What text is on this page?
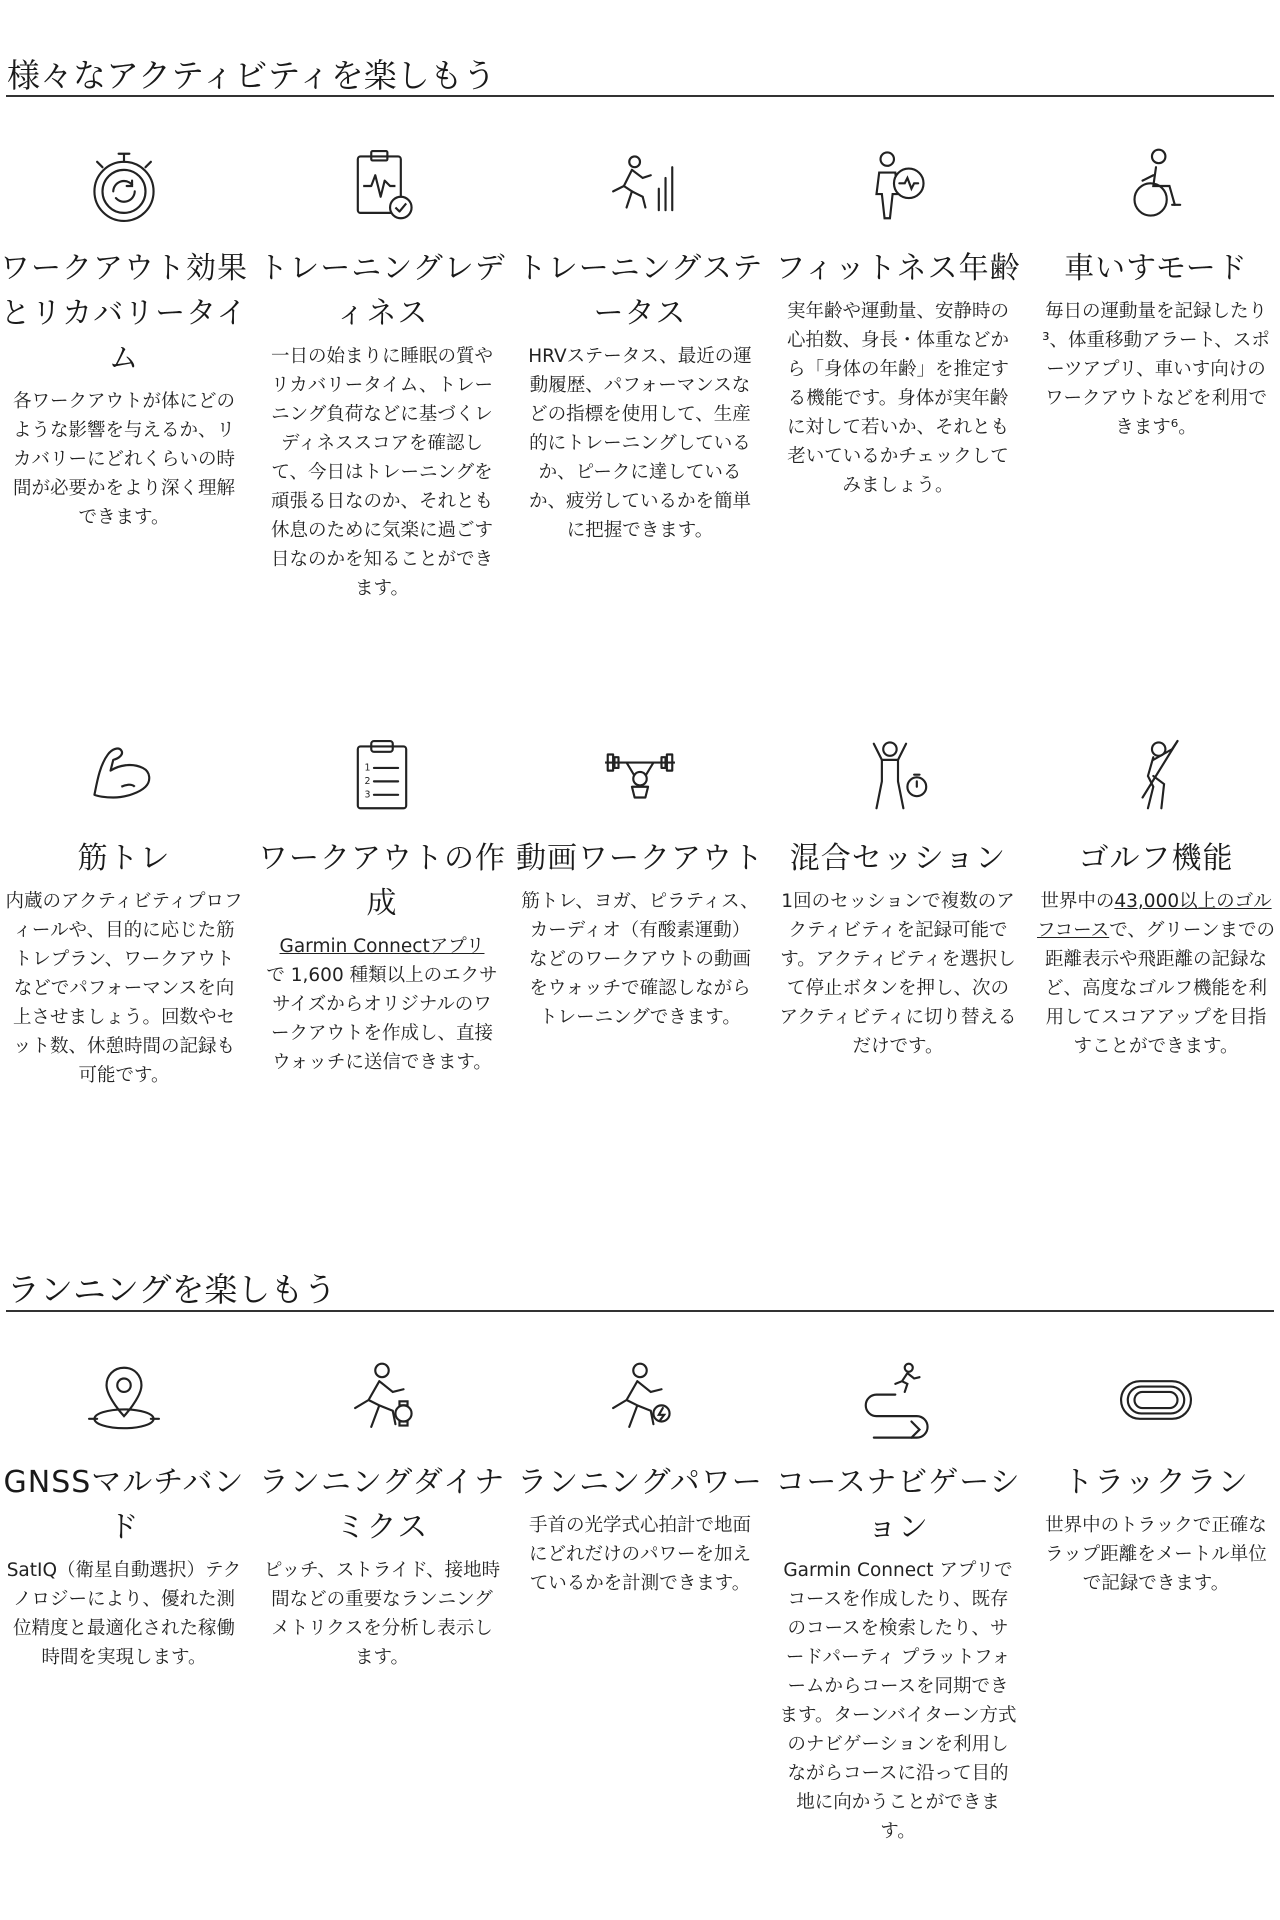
様々なアクティビティを楽しもう
ワークアウト効果とリカバリータイム

各ワークアウトが体にどのような影響を与えるか、リカバリーにどれくらいの時間が必要かをより深く理解できます。

トレーニングレディネス

一日の始まりに睡眠の質やリカバリータイム、トレーニング負荷などに基づくレディネススコアを確認して、今日はトレーニングを頑張る日なのか、それとも休息のために気楽に過ごす日なのかを知ることができます。

トレーニングステータス

HRVステータス、最近の運動履歴、パフォーマンスなどの指標を使用して、生産的にトレーニングしているか、ピークに達しているか、疲労しているかを簡単に把握できます。

フィットネス年齢

実年齢や運動量、安静時の心拍数、身長・体重などから「身体の年齢」を推定する機能です。身体が実年齢に対して若いか、それとも老いているかチェックしてみましょう。

車いすモード

毎日の運動量を記録したり³、体重移動アラート、スポーツアプリ、車いす向けのワークアウトなどを利用できます⁶。

筋トレ

内蔵のアクティビティプロフィールや、目的に応じた筋トレプラン、ワークアウトなどでパフォーマンスを向上させましょう。回数やセット数、休憩時間の記録も可能です。

1
2
3
ワークアウトの作成

Garmin Connectアプリ
で 1,600 種類以上のエクササイズからオリジナルのワークアウトを作成し、直接ウォッチに送信できます。

動画ワークアウト

筋トレ、ヨガ、ピラティス、カーディオ（有酸素運動）などのワークアウトの動画をウォッチで確認しながらトレーニングできます。

混合セッション

1回のセッションで複数のアクティビティを記録可能です。アクティビティを選択して停止ボタンを押し、次のアクティビティに切り替えるだけです。

ゴルフ機能

世界中の43,000以上のゴルフコースで、グリーンまでの距離表示や飛距離の記録など、高度なゴルフ機能を利用してスコアアップを目指すことができます。

ランニングを楽しもう
GNSSマルチバンド

SatIQ（衛星自動選択）テクノロジーにより、優れた測位精度と最適化された稼働時間を実現します。

ランニングダイナミクス

ピッチ、ストライド、接地時間などの重要なランニングメトリクスを分析し表示します。

ランニングパワー

手首の光学式心拍計で地面にどれだけのパワーを加えているかを計測できます。

コースナビゲーション

Garmin Connect アプリでコースを作成したり、既存のコースを検索したり、サードパーティ プラットフォームからコースを同期できます。ターンバイターン方式のナビゲーションを利用しながらコースに沿って目的地に向かうことができます。

トラックラン

世界中のトラックで正確なラップ距離をメートル単位で記録できます。
